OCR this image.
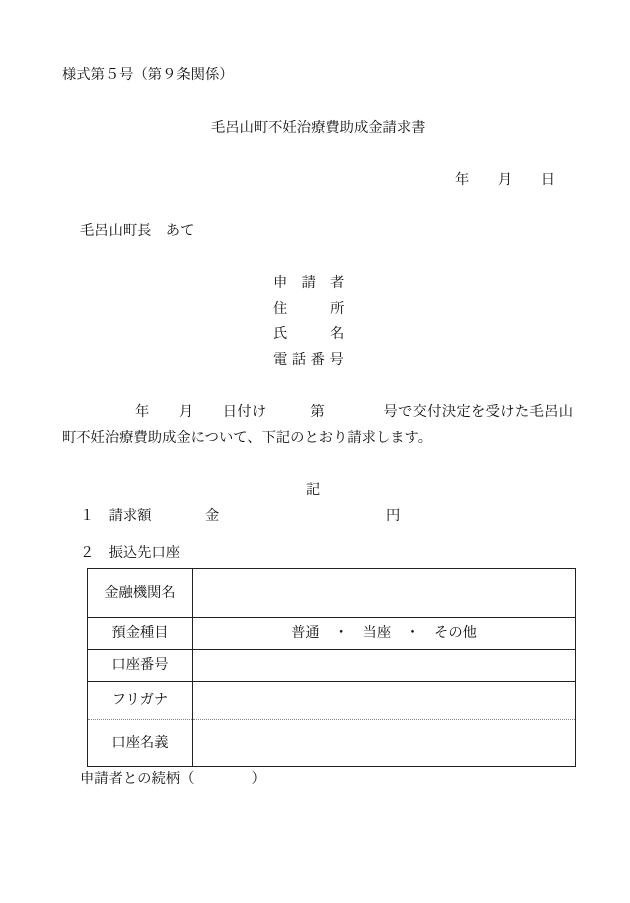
様式第５号（第９条関係）
毛呂山町不妊治療費助成金請求書
年　　月　　日
毛呂山町長　あて
申　請　者
住　　　所
氏　　　名
電 話 番 号
　　　　　年　　月　　日付け　　　第　　　　号で交付決定を受けた毛呂山町不妊治療費助成金について、下記のとおり請求します。
記
１　請求額	金	円
２　振込先口座
金融機関名	
預金種目	普通　・　当座　・　その他
口座番号	
フリガナ	
口座名義	
申請者との続柄（　　　　）
